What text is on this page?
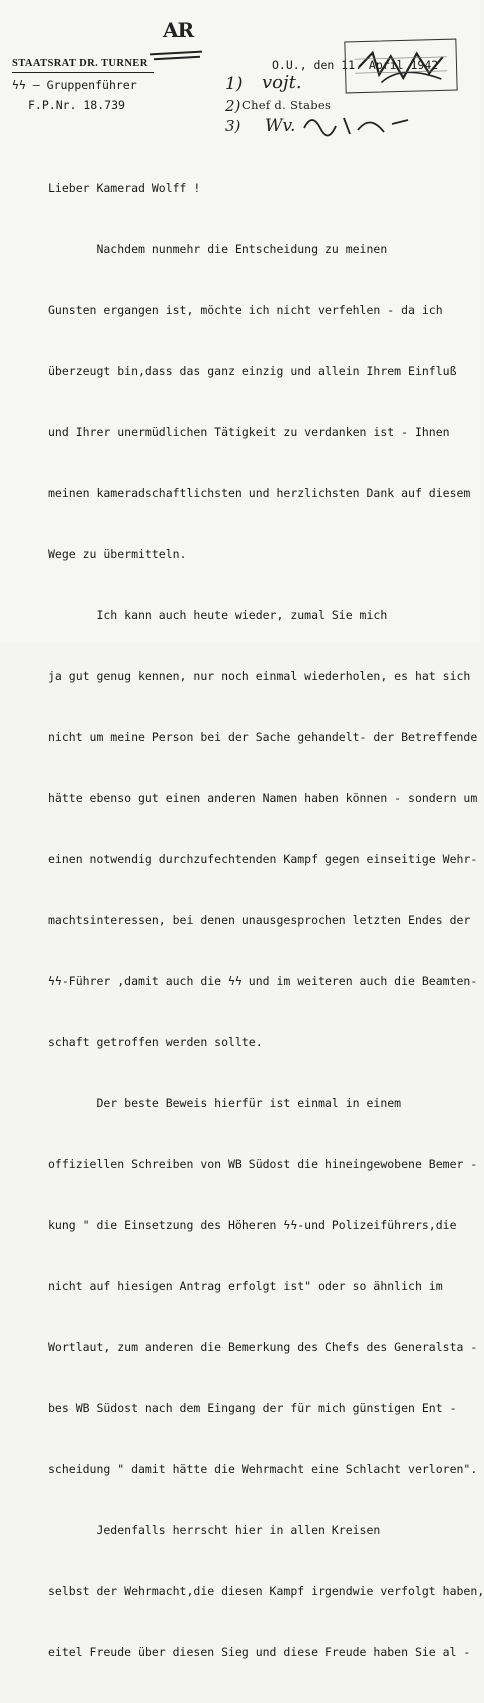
STAATSRAT DR. TURNER
ϟϟ – Gruppenführer
F.P.Nr. 18.739
O.U., den 11. April 1942
AR
1) vojt.
2) Chef d. Stabes
3) Wv.

Lieber Kamerad Wolff !

Nachdem nunmehr die Entscheidung zu meinen

Gunsten ergangen ist, möchte ich nicht verfehlen - da ich

überzeugt bin,dass das ganz einzig und allein Ihrem Einfluß

und Ihrer unermüdlichen Tätigkeit zu verdanken ist - Ihnen

meinen kameradschaftlichsten und herzlichsten Dank auf diesem

Wege zu übermitteln.

Ich kann auch heute wieder, zumal Sie mich

ja gut genug kennen, nur noch einmal wiederholen, es hat sich

nicht um meine Person bei der Sache gehandelt- der Betreffende

hätte ebenso gut einen anderen Namen haben können - sondern um

einen notwendig durchzufechtenden Kampf gegen einseitige Wehr-

machtsinteressen, bei denen unausgesprochen letzten Endes der

ϟϟ-Führer ,damit auch die ϟϟ und im weiteren auch die Beamten-

schaft getroffen werden sollte.

Der beste Beweis hierfür ist einmal in einem

offiziellen Schreiben von WB Südost die hineingewobene Bemer -

kung " die Einsetzung des Höheren ϟϟ-und Polizeiführers,die

nicht auf hiesigen Antrag erfolgt ist" oder so ähnlich im

Wortlaut, zum anderen die Bemerkung des Chefs des Generalsta -

bes WB Südost nach dem Eingang der für mich günstigen Ent -

scheidung " damit hätte die Wehrmacht eine Schlacht verloren".

Jedenfalls herrscht hier in allen Kreisen

selbst der Wehrmacht,die diesen Kampf irgendwie verfolgt haben,

eitel Freude über diesen Sieg und diese Freude haben Sie al -
